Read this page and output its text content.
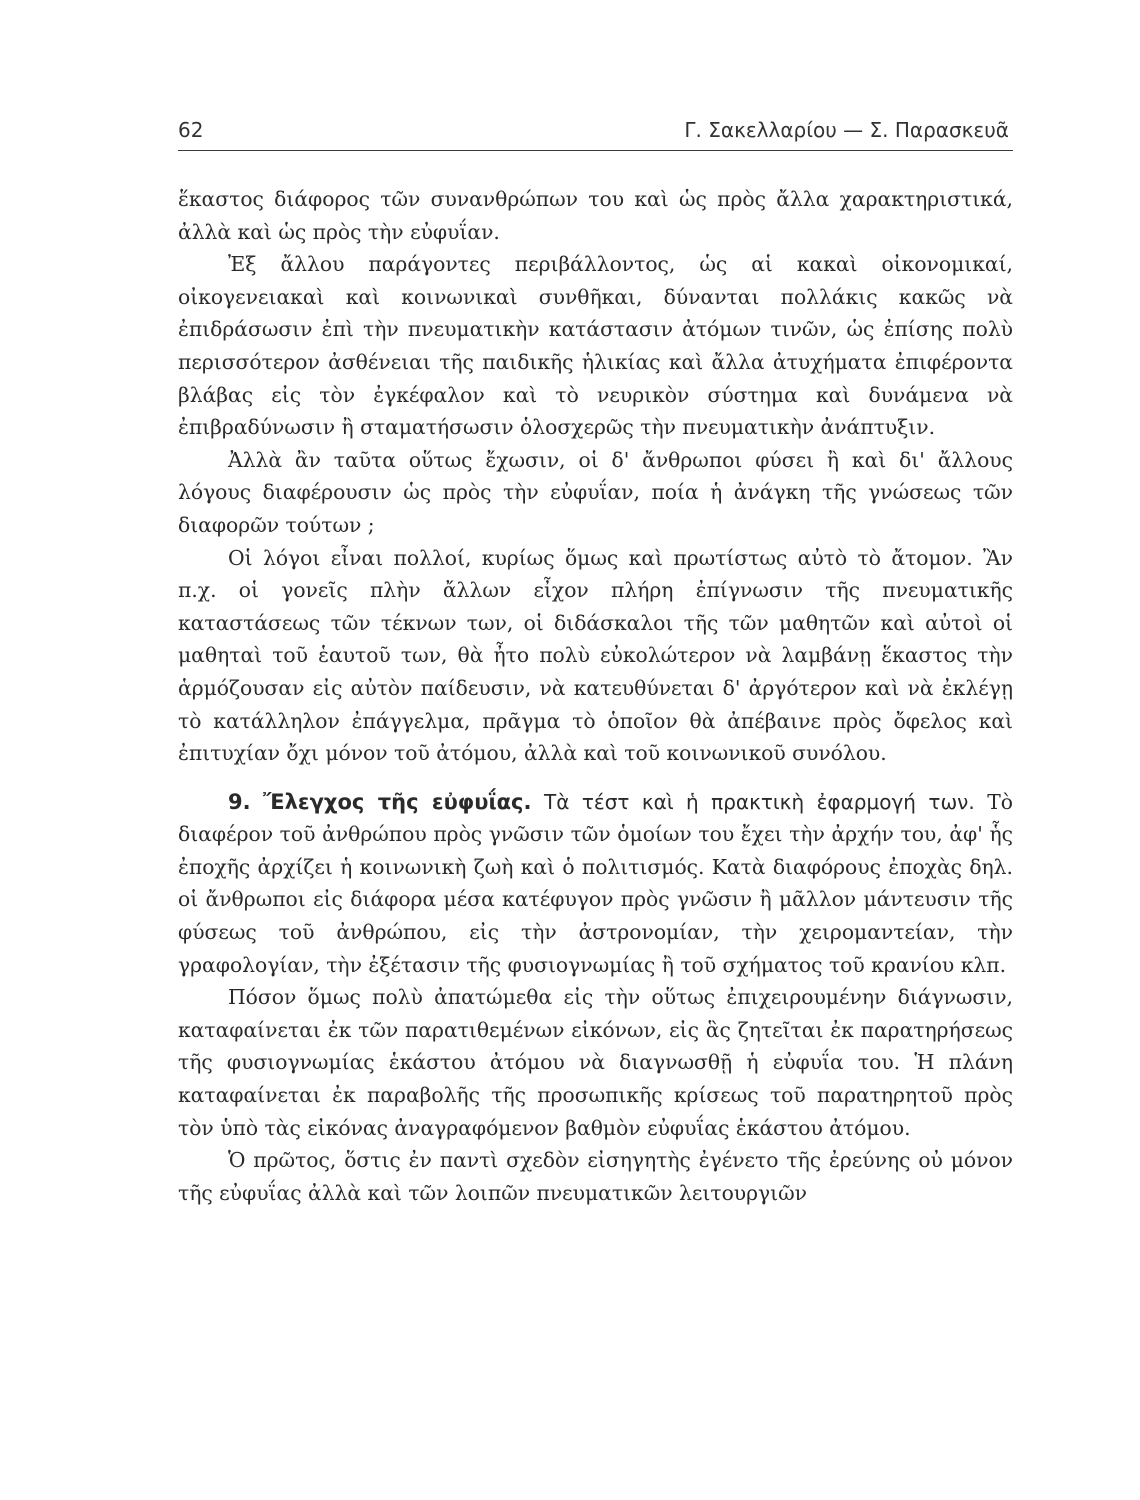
62	Γ. Σακελλαρίου — Σ. Παρασκευᾶ

ἕκαστος διάφορος τῶν συνανθρώπων του καὶ ὡς πρὸς ἄλλα χαρακτηριστικά, ἀλλὰ καὶ ὡς πρὸς τὴν εὐφυΐαν.

Ἐξ ἄλλου παράγοντες περιβάλλοντος, ὡς αἱ κακαὶ οἰκονομικαί, οἰκογενειακαὶ καὶ κοινωνικαὶ συνθῆκαι, δύνανται πολλάκις κακῶς νὰ ἐπιδράσωσιν ἐπὶ τὴν πνευματικὴν κατάστασιν ἀτόμων τινῶν, ὡς ἐπίσης πολὺ περισσότερον ἀσθένειαι τῆς παιδικῆς ἡλικίας καὶ ἄλλα ἀτυχήματα ἐπιφέροντα βλάβας εἰς τὸν ἐγκέφαλον καὶ τὸ νευρικὸν σύστημα καὶ δυνάμενα νὰ ἐπιβραδύνωσιν ἢ σταματήσωσιν ὁλοσχερῶς τὴν πνευματικὴν ἀνάπτυξιν.

Ἀλλὰ ἂν ταῦτα οὕτως ἔχωσιν, οἱ δ' ἄνθρωποι φύσει ἢ καὶ δι' ἄλλους λόγους διαφέρουσιν ὡς πρὸς τὴν εὐφυΐαν, ποία ἡ ἀνάγκη τῆς γνώσεως τῶν διαφορῶν τούτων ;

Οἱ λόγοι εἶναι πολλοί, κυρίως ὅμως καὶ πρωτίστως αὐτὸ τὸ ἄτομον. Ἂν π.χ. οἱ γονεῖς πλὴν ἄλλων εἶχον πλήρη ἐπίγνωσιν τῆς πνευματικῆς καταστάσεως τῶν τέκνων των, οἱ διδάσκαλοι τῆς τῶν μαθητῶν καὶ αὐτοὶ οἱ μαθηταὶ τοῦ ἑαυτοῦ των, θὰ ἦτο πολὺ εὐκολώτερον νὰ λαμβάνῃ ἕκαστος τὴν ἁρμόζουσαν εἰς αὐτὸν παίδευσιν, νὰ κατευθύνεται δ' ἀργότερον καὶ νὰ ἐκλέγῃ τὸ κατάλληλον ἐπάγγελμα, πρᾶγμα τὸ ὁποῖον θὰ ἀπέβαινε πρὸς ὄφελος καὶ ἐπιτυχίαν ὄχι μόνον τοῦ ἀτόμου, ἀλλὰ καὶ τοῦ κοινωνικοῦ συνόλου.

9. Ἔλεγχος τῆς εὐφυΐας. Τὰ τέστ καὶ ἡ πρακτικὴ ἐφαρμογή των. Τὸ διαφέρον τοῦ ἀνθρώπου πρὸς γνῶσιν τῶν ὁμοίων του ἔχει τὴν ἀρχήν του, ἀφ' ἧς ἐποχῆς ἀρχίζει ἡ κοινωνικὴ ζωὴ καὶ ὁ πολιτισμός. Κατὰ διαφόρους ἐποχὰς δηλ. οἱ ἄνθρωποι εἰς διάφορα μέσα κατέφυγον πρὸς γνῶσιν ἢ μᾶλλον μάντευσιν τῆς φύσεως τοῦ ἀνθρώπου, εἰς τὴν ἀστρονομίαν, τὴν χειρομαντείαν, τὴν γραφολογίαν, τὴν ἐξέτασιν τῆς φυσιογνωμίας ἢ τοῦ σχήματος τοῦ κρανίου κλπ.

Πόσον ὅμως πολὺ ἀπατώμεθα εἰς τὴν οὕτως ἐπιχειρουμένην διάγνωσιν, καταφαίνεται ἐκ τῶν παρατιθεμένων εἰκόνων, εἰς ἃς ζητεῖται ἐκ παρατηρήσεως τῆς φυσιογνωμίας ἑκάστου ἀτόμου νὰ διαγνωσθῇ ἡ εὐφυΐα του. Ἡ πλάνη καταφαίνεται ἐκ παραβολῆς τῆς προσωπικῆς κρίσεως τοῦ παρατηρητοῦ πρὸς τὸν ὑπὸ τὰς εἰκόνας ἀναγραφόμενον βαθμὸν εὐφυΐας ἑκάστου ἀτόμου.

Ὁ πρῶτος, ὅστις ἐν παντὶ σχεδὸν εἰσηγητὴς ἐγένετο τῆς ἐρεύνης οὐ μόνον τῆς εὐφυΐας ἀλλὰ καὶ τῶν λοιπῶν πνευματικῶν λειτουργιῶν
